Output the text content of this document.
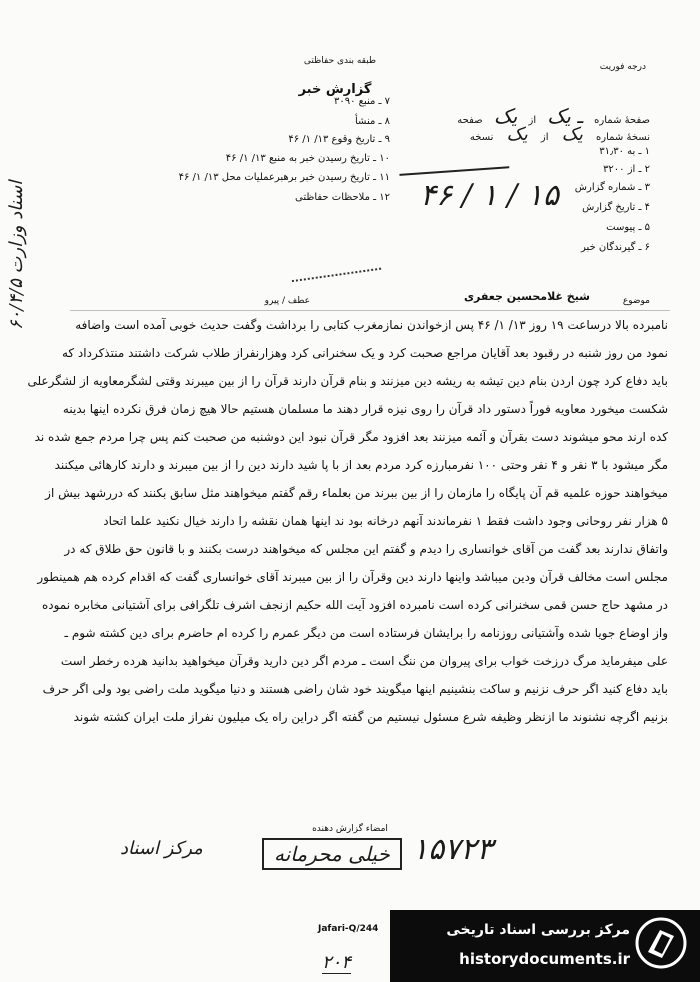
اسناد وزارت ۶۰/۴/۵
طبقه بندی حفاظتی
درجه فوریت
گزارش خبر
صفحهٔ شماره ـ یک از یک صفحه
نسخهٔ شماره یک از یک نسخه
۱ ـ به ۳۱٫۳۰
۲ ـ از ۳۲۰۰
۳ ـ شماره گزارش
۴ ـ تاریخ گزارش
۵ ـ پیوست
۶ ـ گیرندگان خبر
۱۵ / ۱ / ۴۶
۷ ـ منبع ۳۰۹۰
۸ ـ منشأ
۹ ـ تاریخ وقوع ۱۳/ ۱/ ۴۶
۱۰ ـ تاریخ رسیدن خبر به منبع ۱۳/ ۱/ ۴۶
۱۱ ـ تاریخ رسیدن خبر برهبرعملیات محل ۱۳/ ۱/ ۴۶
۱۲ ـ ملاحظات حفاظتی
عطف / پیرو	موضوع
شیخ غلامحسین جعفری
نامبرده بالا درساعت ۱۹ روز ۱۳/ ۱/ ۴۶ پس ازخواندن نمازمغرب کتابی را برداشت وگفت حدیث خوبی آمده است واضافه
نمود من روز شنبه در رقبود بعد آقایان مراجع صحبت کرد و یک سخنرانی کرد وهزارنفراز طلاب شرکت داشتند منتذکرداد که
باید دفاع کرد چون اردن بنام دین تیشه به ریشه دین میزنند و بنام قرآن دارند قرآن را از بین میبرند وقتی لشگرمعاویه از لشگرعلی
شکست میخورد معاویه فوراً دستور داد قرآن را روی نیزه قرار دهند ما مسلمان هستیم حالا هیچ زمان فرق نکرده اینها بدینه
کده ارند محو میشوند دست بقرآن و آئمه میزنند بعد افزود مگر قرآن نبود این دوشنبه من صحبت کنم پس چرا مردم جمع شده ند
مگر میشود با ۳ نفر و ۴ نفر وحتی ۱۰۰ نفرمبارزه کرد مردم بعد از با پا شید دارند دین را از بین میبرند و دارند کارهائی میکنند
میخواهند حوزه علمیه قم آن پایگاه را مازمان را از بین ببرند من بعلماء رقم گفتم میخواهند مثل سابق بکنند که دررشهد بیش از
۵ هزار نفر روحانی وجود داشت فقط ۱ نفرماندند آنهم درخانه بود ند اینها همان نقشه را دارند خیال نکنید علما اتحاد
واتفاق ندارند بعد گفت من آقای خوانساری را دیدم و گفتم این مجلس که میخواهند درست بکنند و با قانون حق طلاق که در
مجلس است مخالف قرآن ودین میباشد واینها دارند دین وقرآن را از بین میبرند آقای خوانساری گفت که اقدام کرده هم همینطور
در مشهد حاج حسن قمی سخنرانی کرده است نامبرده افزود آیت الله حکیم ازنجف اشرف تلگرافی برای آشتیانی مخابره نموده
واز اوضاع جویا شده وآشتیانی روزنامه را برایشان فرستاده است من دیگر عمرم را کرده ام حاضرم برای دین کشته شوم ـ
علی میفرماید مرگ درزخت خواب برای پیروان من ننگ است ـ مردم اگر دین دارید وقرآن میخواهید بدانید هرده رخطر است
باید دفاع کنید اگر حرف نزنیم و ساکت بنشینیم اینها میگویند خود شان راضی هستند و دنیا میگوید ملت راضی بود ولی اگر حرف
بزنیم اگرچه نشنوند ما ازنظر وظیفه شرع مسئول نیستیم من گفته اگر دراین راه یک میلیون نفراز ملت ایران کشته شوند
۱۵۷۲۳
خیلی محرمانه
مرکز اسناد
امضاء گزارش دهنده
Jafari-Q/244
۲۰۴
مرکز بررسی اسناد تاریخی
historydocuments.ir
